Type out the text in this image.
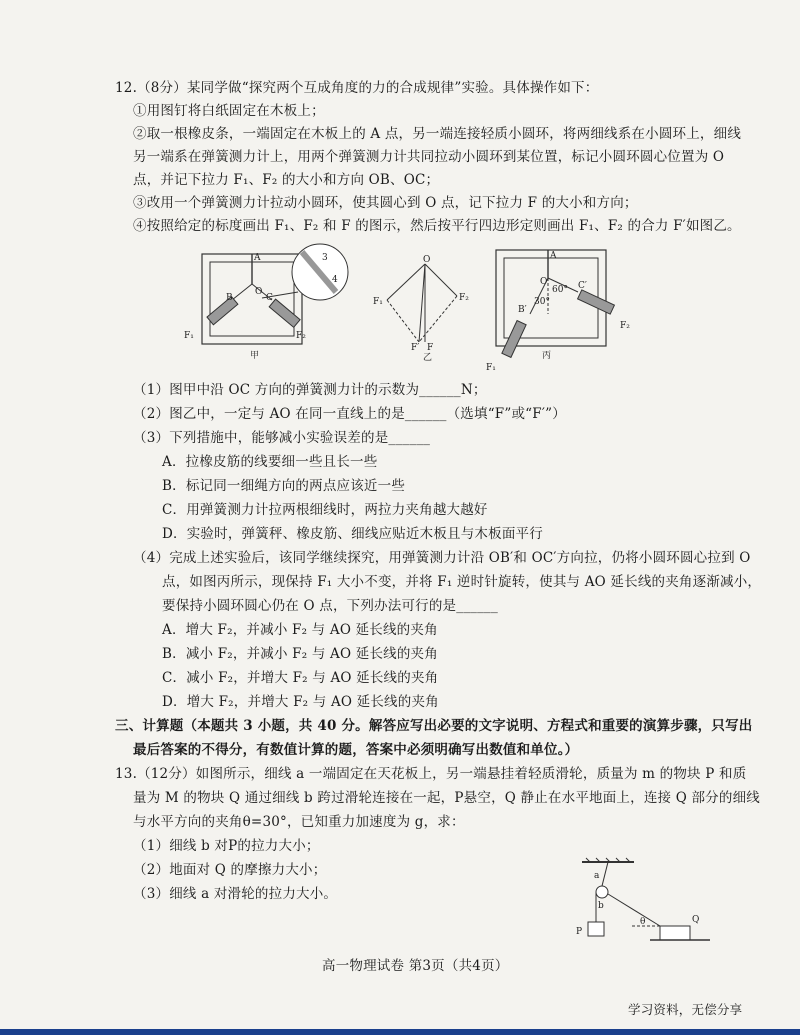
12.（8分）某同学做“探究两个互成角度的力的合成规律”实验。具体操作如下：
①用图钉将白纸固定在木板上；
②取一根橡皮条，一端固定在木板上的 A 点，另一端连接轻质小圆环，将两细线系在小圆环上，细线
另一端系在弹簧测力计上，用两个弹簧测力计共同拉动小圆环到某位置，标记小圆环圆心位置为 O
点，并记下拉力 F₁、F₂ 的大小和方向 OB、OC；
③改用一个弹簧测力计拉动小圆环，使其圆心到 O 点，记下拉力 F 的大小和方向；
④按照给定的标度画出 F₁、F₂ 和 F 的图示，然后按平行四边形定则画出 F₁、F₂ 的合力 F′如图乙。
A
B	C
O
3
4
F₁	F₂
甲
O
F₁	F₂
F′ F
乙
A
O
60°
30°
B′
C′
F₁
F₂
丙
（1）图甲中沿 OC 方向的弹簧测力计的示数为______N；
（2）图乙中，一定与 AO 在同一直线上的是______（选填“F”或“F′”）
（3）下列措施中，能够减小实验误差的是______
A．拉橡皮筋的线要细一些且长一些
B．标记同一细绳方向的两点应该近一些
C．用弹簧测力计拉两根细线时，两拉力夹角越大越好
D．实验时，弹簧秤、橡皮筋、细线应贴近木板且与木板面平行
（4）完成上述实验后，该同学继续探究，用弹簧测力计沿 OB′和 OC′方向拉，仍将小圆环圆心拉到 O
点，如图丙所示，现保持 F₁ 大小不变，并将 F₁ 逆时针旋转，使其与 AO 延长线的夹角逐渐减小，
要保持小圆环圆心仍在 O 点，下列办法可行的是______
A．增大 F₂，并减小 F₂ 与 AO 延长线的夹角
B．减小 F₂，并减小 F₂ 与 AO 延长线的夹角
C．减小 F₂，并增大 F₂ 与 AO 延长线的夹角
D．增大 F₂，并增大 F₂ 与 AO 延长线的夹角
三、计算题（本题共 3 小题，共 40 分。解答应写出必要的文字说明、方程式和重要的演算步骤，只写出
最后答案的不得分，有数值计算的题，答案中必须明确写出数值和单位。）
13.（12分）如图所示，细线 a 一端固定在天花板上，另一端悬挂着轻质滑轮，质量为 m 的物块 P 和质
量为 M 的物块 Q 通过细线 b 跨过滑轮连接在一起，P悬空，Q 静止在水平地面上，连接 Q 部分的细线
与水平方向的夹角θ=30°，已知重力加速度为 g，求：
（1）细线 b 对P的拉力大小；
（2）地面对 Q 的摩擦力大小；
（3）细线 a 对滑轮的拉力大小。
a
b
P
Q
θ
高一物理试卷 第3页（共4页）
学习资料，无偿分享
